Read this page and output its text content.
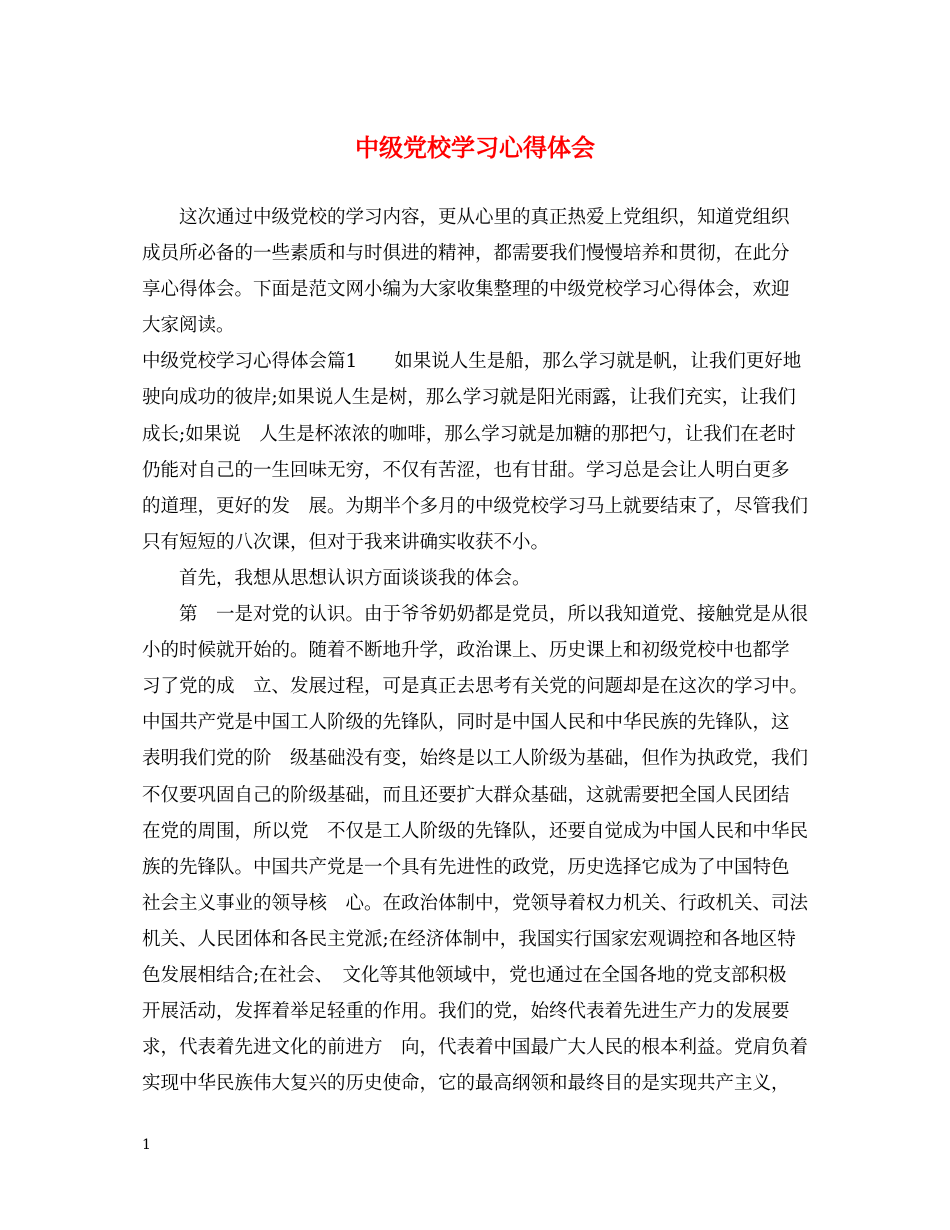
中级党校学习心得体会
这次通过中级党校的学习内容，更从心里的真正热爱上党组织，知道党组织
成员所必备的一些素质和与时俱进的精神，都需要我们慢慢培养和贯彻，在此分
享心得体会。下面是范文网小编为大家收集整理的中级党校学习心得体会，欢迎
大家阅读。
中级党校学习心得体会篇1　　如果说人生是船，那么学习就是帆，让我们更好地
驶向成功的彼岸;如果说人生是树，那么学习就是阳光雨露，让我们充实，让我们
成长;如果说　人生是杯浓浓的咖啡，那么学习就是加糖的那把勺，让我们在老时
仍能对自己的一生回味无穷，不仅有苦涩，也有甘甜。学习总是会让人明白更多
的道理，更好的发　展。为期半个多月的中级党校学习马上就要结束了，尽管我们
只有短短的八次课，但对于我来讲确实收获不小。
首先，我想从思想认识方面谈谈我的体会。
第　一是对党的认识。由于爷爷奶奶都是党员，所以我知道党、接触党是从很
小的时候就开始的。随着不断地升学，政治课上、历史课上和初级党校中也都学
习了党的成　立、发展过程，可是真正去思考有关党的问题却是在这次的学习中。
中国共产党是中国工人阶级的先锋队，同时是中国人民和中华民族的先锋队，这
表明我们党的阶　级基础没有变，始终是以工人阶级为基础，但作为执政党，我们
不仅要巩固自己的阶级基础，而且还要扩大群众基础，这就需要把全国人民团结
在党的周围，所以党　不仅是工人阶级的先锋队，还要自觉成为中国人民和中华民
族的先锋队。中国共产党是一个具有先进性的政党，历史选择它成为了中国特色
社会主义事业的领导核　心。在政治体制中，党领导着权力机关、行政机关、司法
机关、人民团体和各民主党派;在经济体制中，我国实行国家宏观调控和各地区特
色发展相结合;在社会、　文化等其他领域中，党也通过在全国各地的党支部积极
开展活动，发挥着举足轻重的作用。我们的党，始终代表着先进生产力的发展要
求，代表着先进文化的前进方　向，代表着中国最广大人民的根本利益。党肩负着
实现中华民族伟大复兴的历史使命，它的最高纲领和最终目的是实现共产主义，
1
